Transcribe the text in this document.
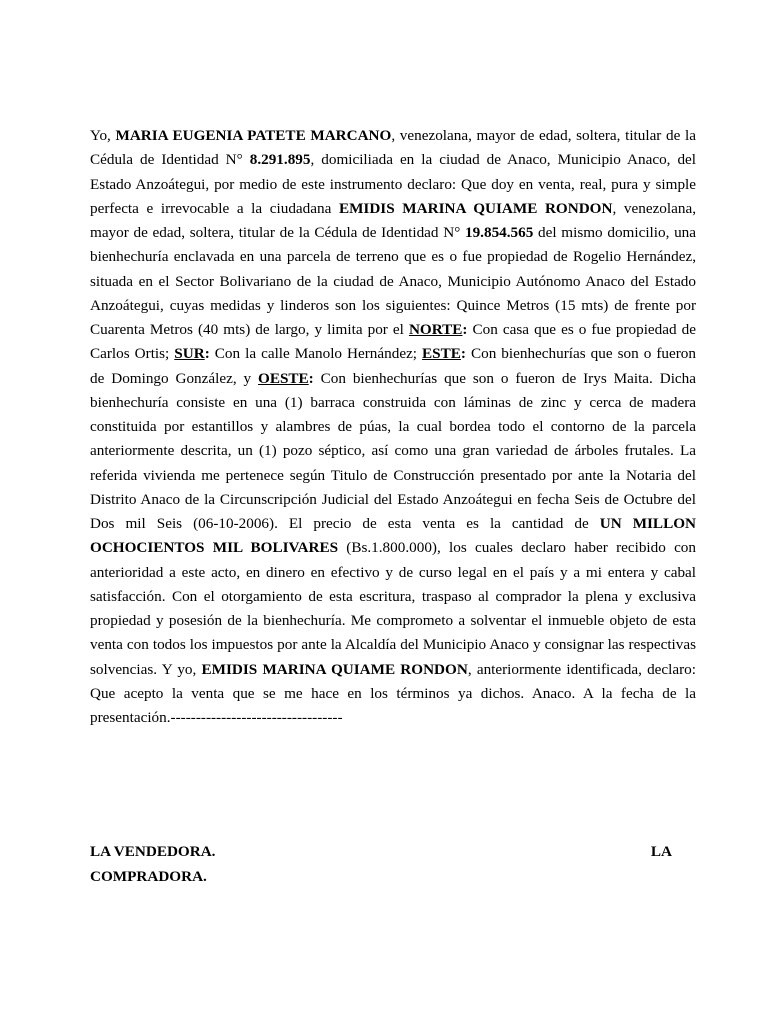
Yo, MARIA EUGENIA PATETE MARCANO, venezolana, mayor de edad, soltera, titular de la Cédula de Identidad N° 8.291.895, domiciliada en la ciudad de Anaco, Municipio Anaco, del Estado Anzoátegui, por medio de este instrumento declaro: Que doy en venta, real, pura y simple perfecta e irrevocable a la ciudadana EMIDIS MARINA QUIAME RONDON, venezolana, mayor de edad, soltera, titular de la Cédula de Identidad N° 19.854.565 del mismo domicilio, una bienhechuría enclavada en una parcela de terreno que es o fue propiedad de Rogelio Hernández, situada en el Sector Bolivariano de la ciudad de Anaco, Municipio Autónomo Anaco del Estado Anzoátegui, cuyas medidas y linderos son los siguientes: Quince Metros (15 mts) de frente por Cuarenta Metros (40 mts) de largo, y limita por el NORTE: Con casa que es o fue propiedad de Carlos Ortis; SUR: Con la calle Manolo Hernández; ESTE: Con bienhechurías que son o fueron de Domingo González, y OESTE: Con bienhechurías que son o fueron de Irys Maita. Dicha bienhechuría consiste en una (1) barraca construida con láminas de zinc y cerca de madera constituida por estantillos y alambres de púas, la cual bordea todo el contorno de la parcela anteriormente descrita, un (1) pozo séptico, así como una gran variedad de árboles frutales. La referida vivienda me pertenece según Titulo de Construcción presentado por ante la Notaria del Distrito Anaco de la Circunscripción Judicial del Estado Anzoátegui en fecha Seis de Octubre del Dos mil Seis (06-10-2006). El precio de esta venta es la cantidad de UN MILLON OCHOCIENTOS MIL BOLIVARES (Bs.1.800.000), los cuales declaro haber recibido con anterioridad a este acto, en dinero en efectivo y de curso legal en el país y a mi entera y cabal satisfacción. Con el otorgamiento de esta escritura, traspaso al comprador la plena y exclusiva propiedad y posesión de la bienhechuría. Me comprometo a solventar el inmueble objeto de esta venta con todos los impuestos por ante la Alcaldía del Municipio Anaco y consignar las respectivas solvencias. Y yo, EMIDIS MARINA QUIAME RONDON, anteriormente identificada, declaro: Que acepto la venta que se me hace en los términos ya dichos. Anaco. A la fecha de la presentación.----------------------------------

LA VENDEDORA.	LA
COMPRADORA.
